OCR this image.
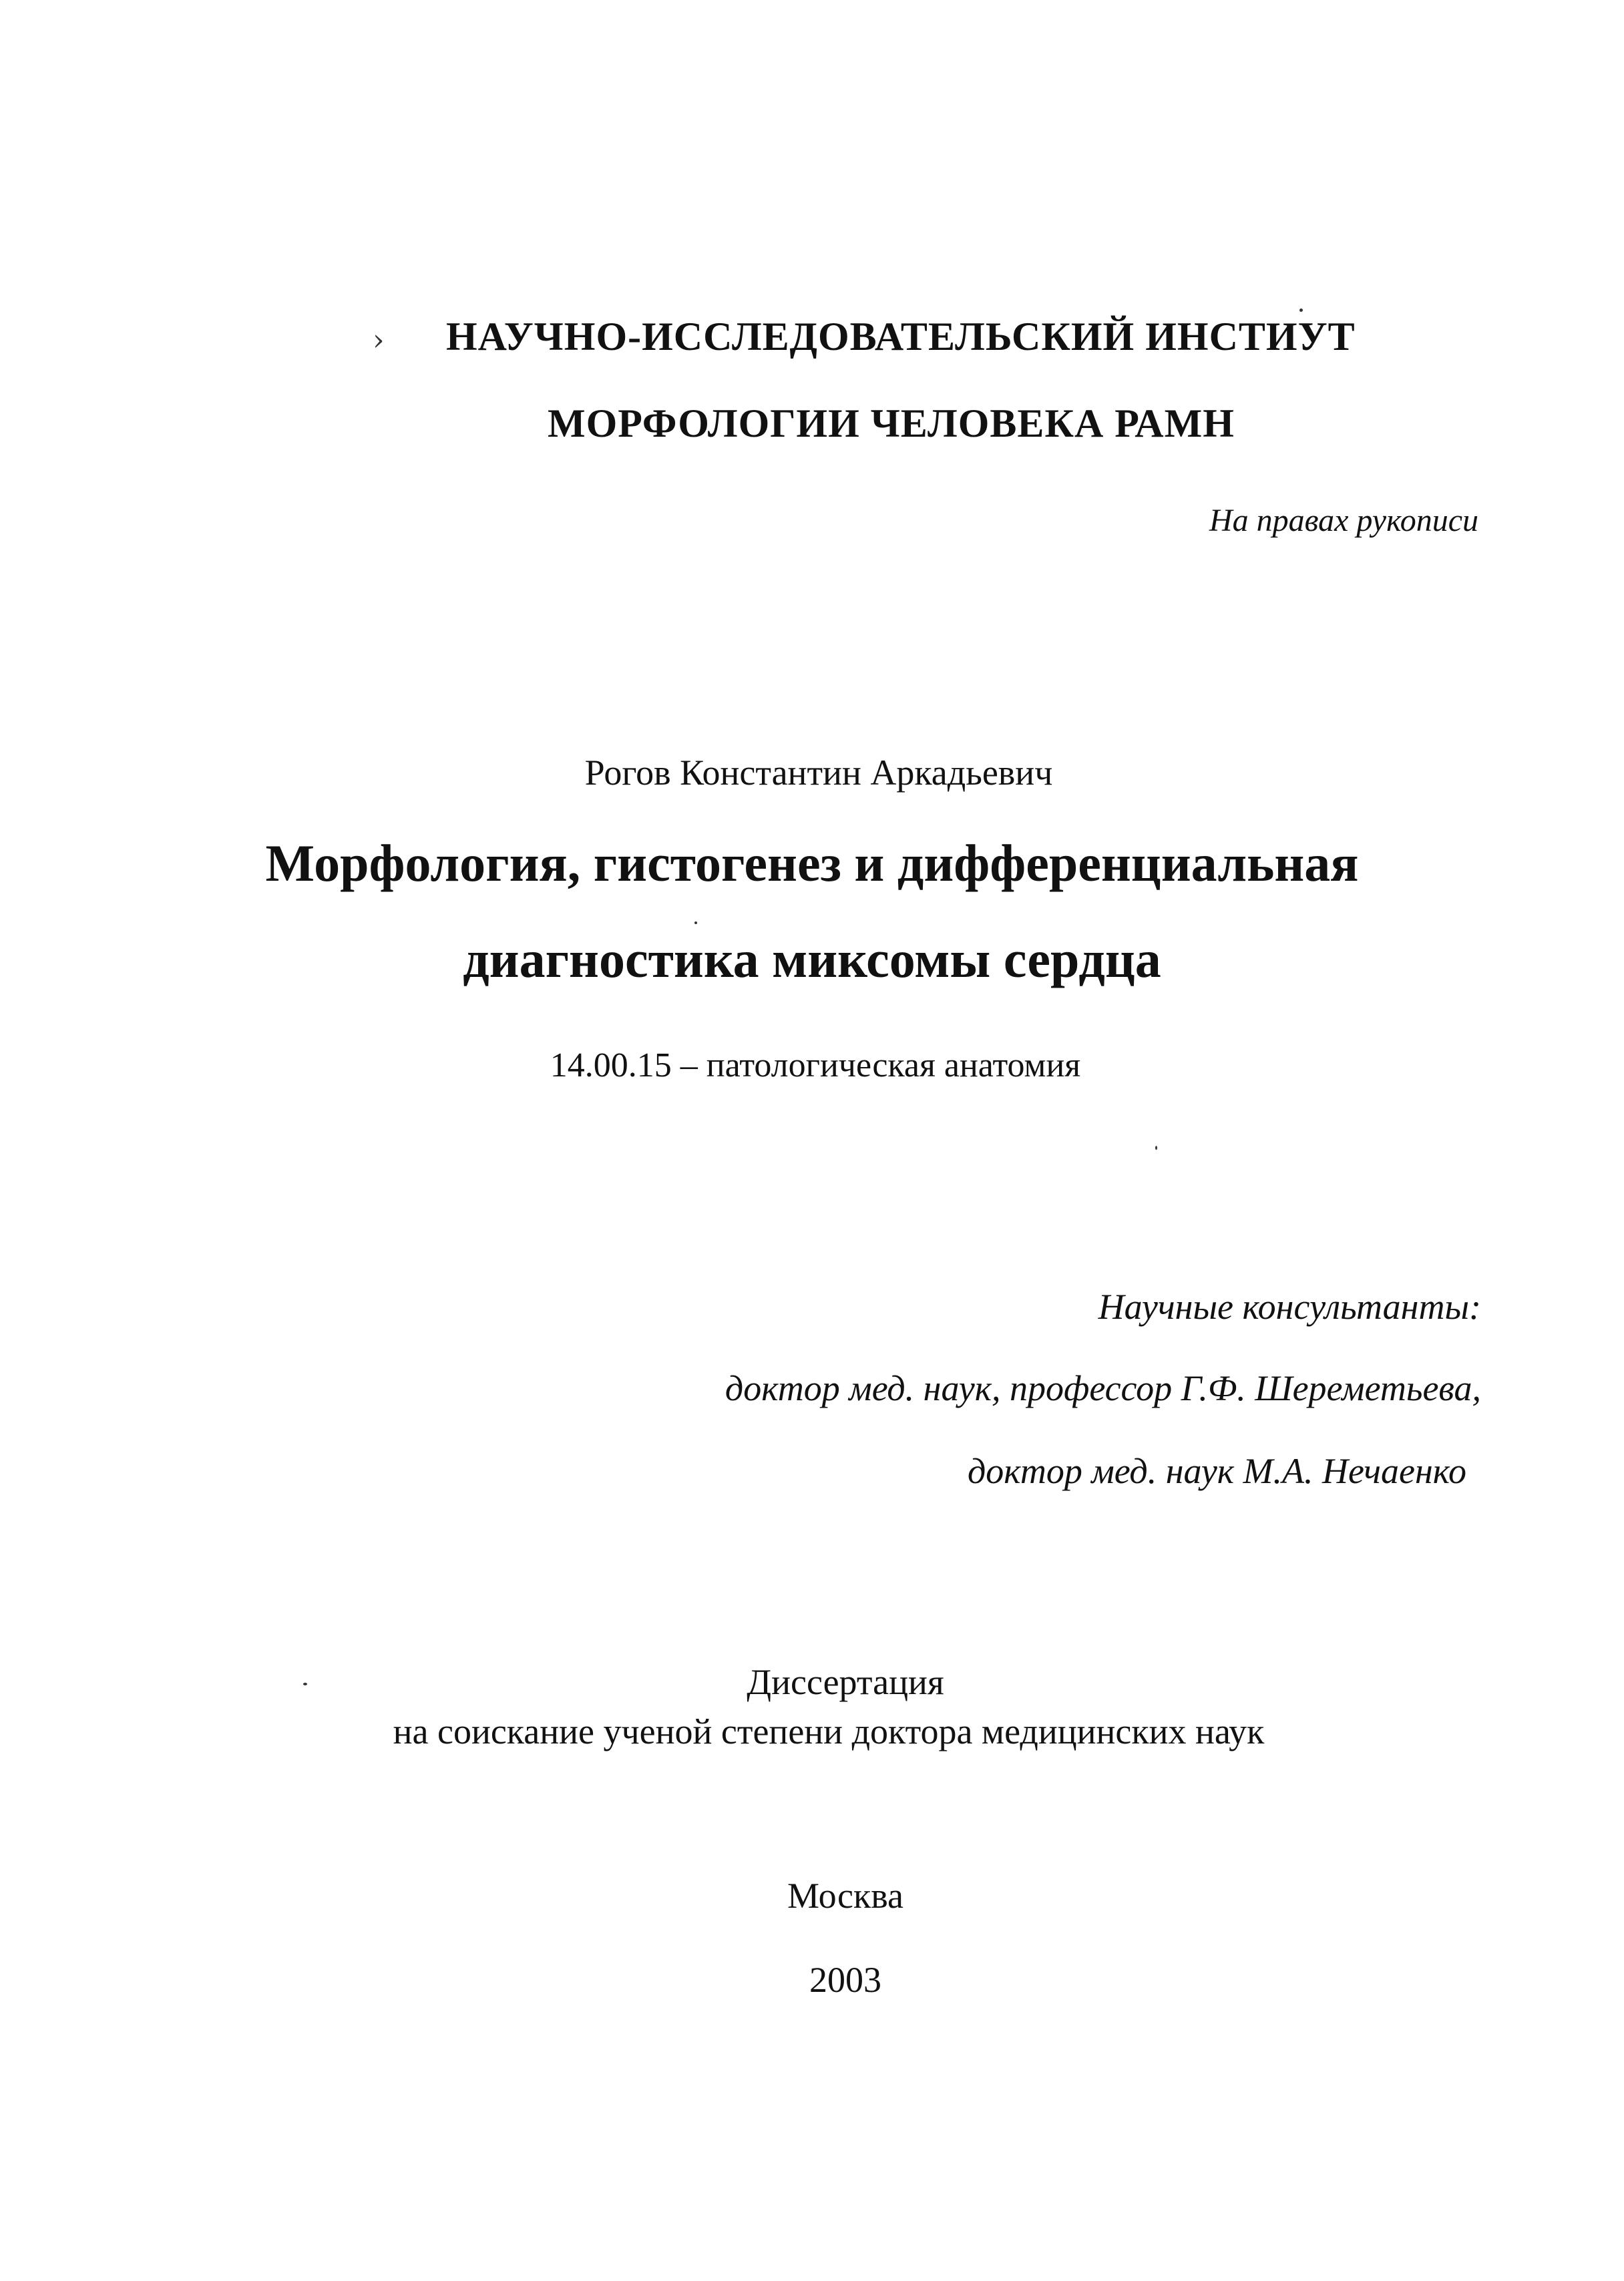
› НАУЧНО-ИССЛЕДОВАТЕЛЬСКИЙ ИНСТИУТ
МОРФОЛОГИИ ЧЕЛОВЕКА РАМН
На правах рукописи
Рогов Константин Аркадьевич
Морфология, гистогенез и дифференциальная
диагностика миксомы сердца
14.00.15 – патологическая анатомия
Научные консультанты:
доктор мед. наук, профессор Г.Ф. Шереметьева,
доктор мед. наук М.А. Нечаенко
Диссертация
на соискание ученой степени доктора медицинских наук
Москва
2003
